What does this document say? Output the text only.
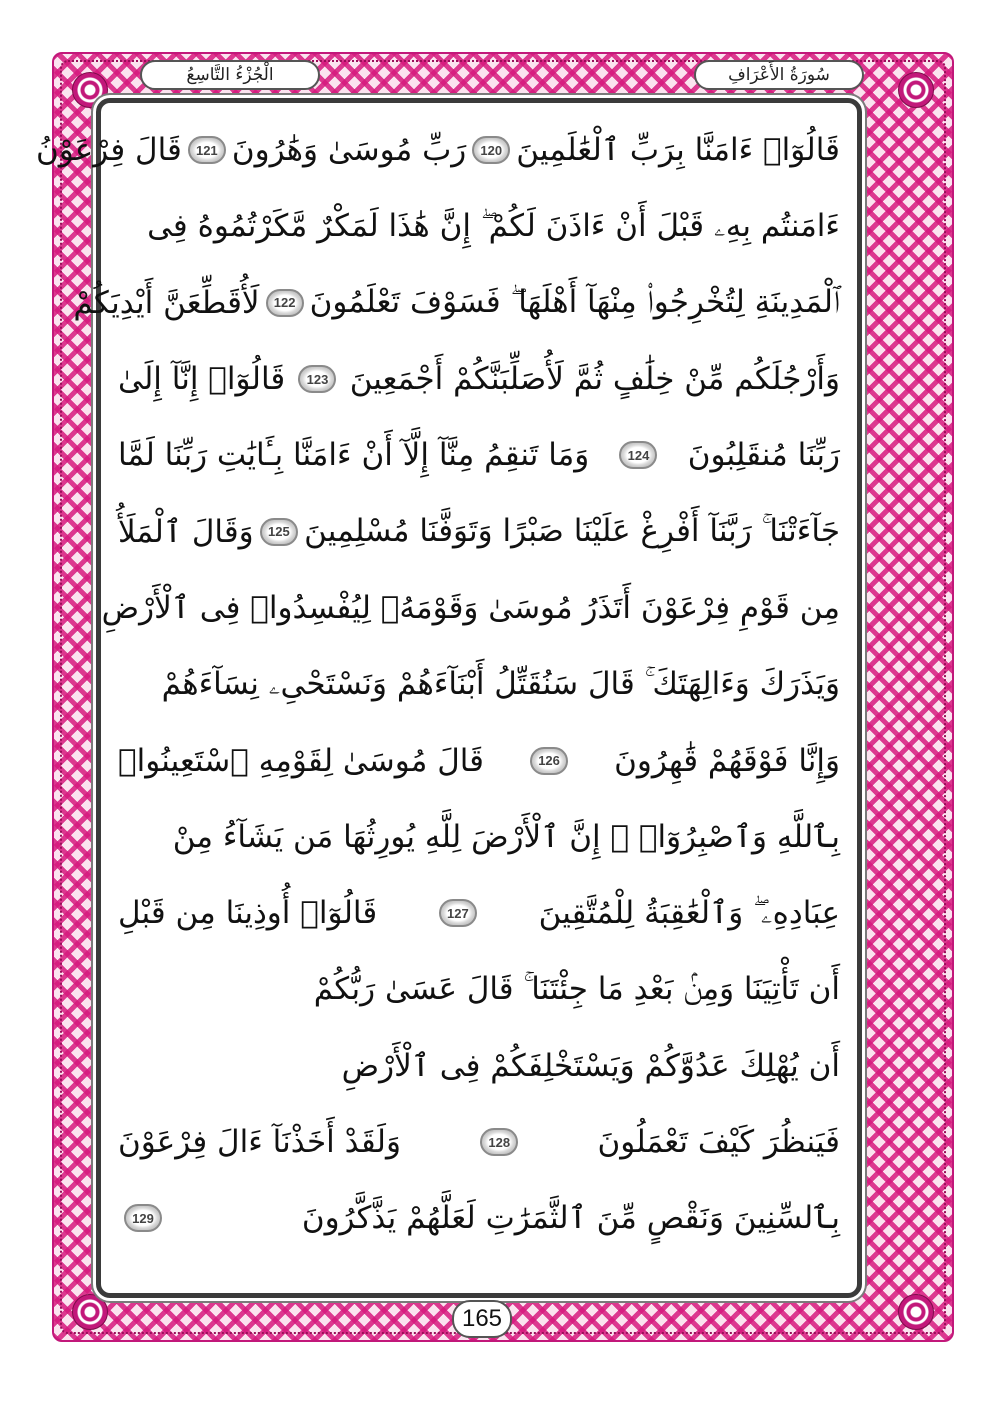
الْجُزْءُ التَّاسِعُ	سُورَةُ الأَعْرَافِ
قَالُوٓا۟ ءَامَنَّا بِرَبِّ ٱلْعَٰلَمِينَ
120
رَبِّ مُوسَىٰ وَهَٰرُونَ
121
قَالَ فِرْعَوْنُ
ءَامَنتُم بِهِۦ قَبْلَ أَنْ ءَاذَنَ لَكُمْ ۖ إِنَّ هَٰذَا لَمَكْرٌ مَّكَرْتُمُوهُ فِى
ٱلْمَدِينَةِ لِتُخْرِجُوا۟ مِنْهَآ أَهْلَهَا ۖ فَسَوْفَ تَعْلَمُونَ
122
لَأُقَطِّعَنَّ أَيْدِيَكُمْ
وَأَرْجُلَكُم مِّنْ خِلَٰفٍ ثُمَّ لَأُصَلِّبَنَّكُمْ أَجْمَعِينَ
123
قَالُوٓا۟ إِنَّآ إِلَىٰ
رَبِّنَا مُنقَلِبُونَ
124
وَمَا تَنقِمُ مِنَّآ إِلَّآ أَنْ ءَامَنَّا بِـَٔايَٰتِ رَبِّنَا لَمَّا
جَآءَتْنَا ۚ رَبَّنَآ أَفْرِغْ عَلَيْنَا صَبْرًا وَتَوَفَّنَا مُسْلِمِينَ
125
وَقَالَ ٱلْمَلَأُ
مِن قَوْمِ فِرْعَوْنَ أَتَذَرُ مُوسَىٰ وَقَوْمَهُۥ لِيُفْسِدُوا۟ فِى ٱلْأَرْضِ
وَيَذَرَكَ وَءَالِهَتَكَ ۚ قَالَ سَنُقَتِّلُ أَبْنَآءَهُمْ وَنَسْتَحْىِۦ نِسَآءَهُمْ
وَإِنَّا فَوْقَهُمْ قَٰهِرُونَ
126
قَالَ مُوسَىٰ لِقَوْمِهِ ٱسْتَعِينُوا۟
بِٱللَّهِ وَٱصْبِرُوٓا۟ ۖ إِنَّ ٱلْأَرْضَ لِلَّهِ يُورِثُهَا مَن يَشَآءُ مِنْ
عِبَادِهِۦ ۖ وَٱلْعَٰقِبَةُ لِلْمُتَّقِينَ
127
قَالُوٓا۟ أُوذِينَا مِن قَبْلِ
أَن تَأْتِيَنَا وَمِنۢ بَعْدِ مَا جِئْتَنَا ۚ قَالَ عَسَىٰ رَبُّكُمْ
أَن يُهْلِكَ عَدُوَّكُمْ وَيَسْتَخْلِفَكُمْ فِى ٱلْأَرْضِ
فَيَنظُرَ كَيْفَ تَعْمَلُونَ
128
وَلَقَدْ أَخَذْنَآ ءَالَ فِرْعَوْنَ
بِٱلسِّنِينَ وَنَقْصٍ مِّنَ ٱلثَّمَرَٰتِ لَعَلَّهُمْ يَذَّكَّرُونَ
129
165
